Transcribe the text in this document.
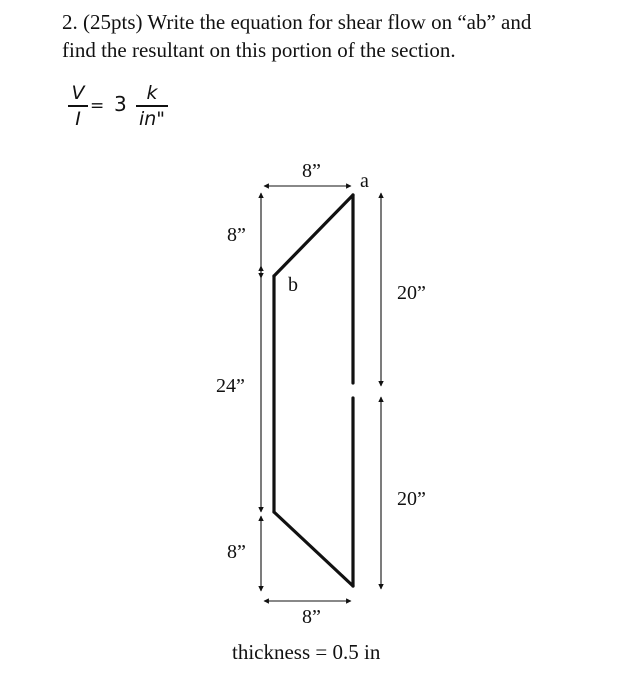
2. (25pts) Write the equation for shear flow on “ab” and
find the resultant on this portion of the section.

V
I
= 3 k
in"
8” a
8”
b	20”
24”
20”
8”
8”
thickness = 0.5 in
